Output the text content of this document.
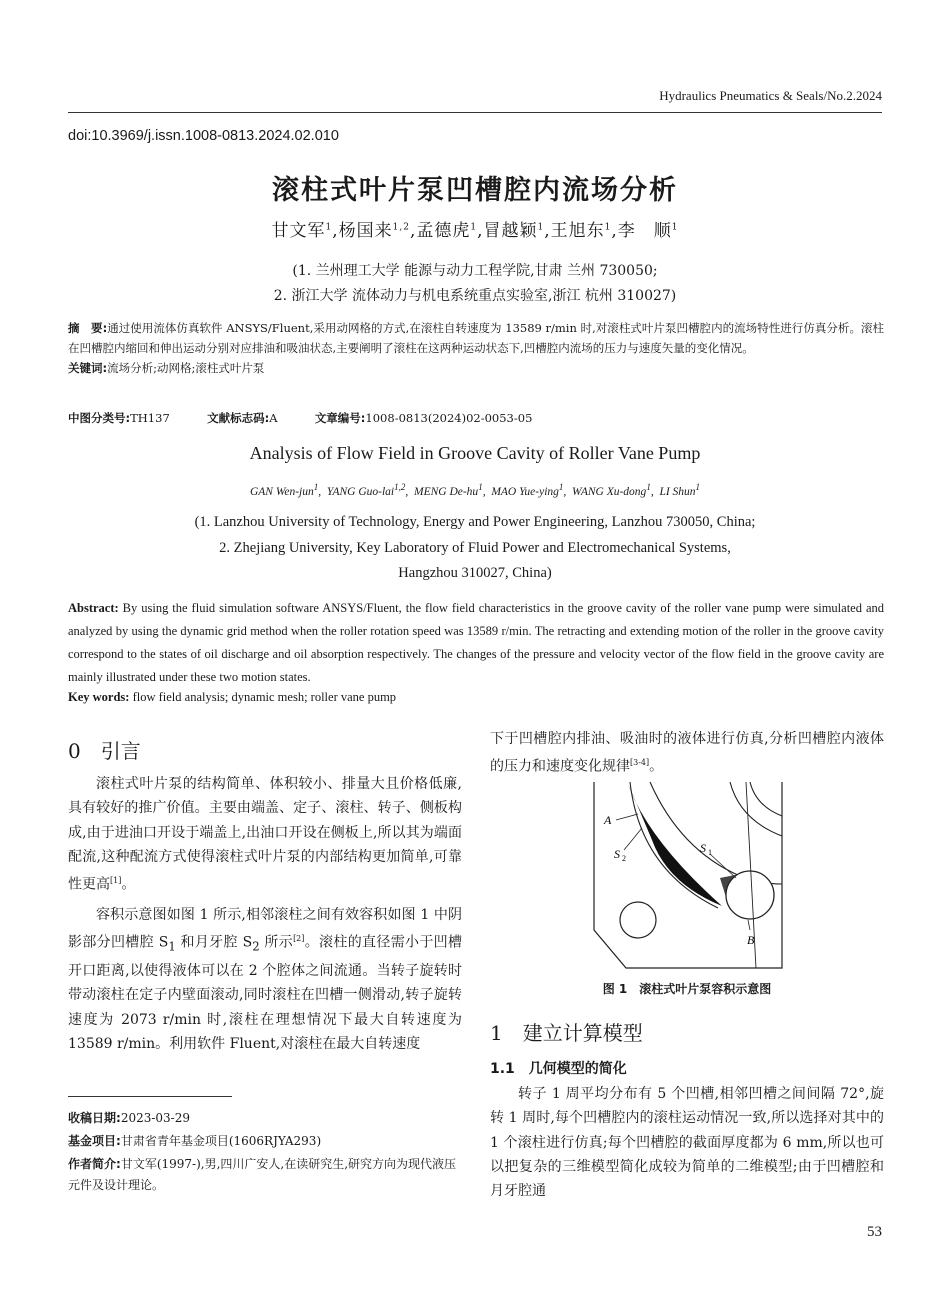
Hydraulics Pneumatics & Seals/No.2.2024
doi:10.3969/j.issn.1008-0813.2024.02.010
滚柱式叶片泵凹槽腔内流场分析
甘文军$^1$,杨国来$^{1,2}$,孟德虎$^1$,冒越颖$^1$,王旭东$^1$,李　顺$^1$
(1. 兰州理工大学 能源与动力工程学院,甘肃 兰州 730050;
2. 浙江大学 流体动力与机电系统重点实验室,浙江 杭州 310027)
摘　要:通过使用流体仿真软件 ANSYS/Fluent,采用动网格的方式,在滚柱自转速度为 13589 r/min 时,对滚柱式叶片泵凹槽腔内的流场特性进行仿真分析。滚柱在凹槽腔内缩回和伸出运动分别对应排油和吸油状态,主要阐明了滚柱在这两种运动状态下,凹槽腔内流场的压力与速度矢量的变化情况。
关键词:流场分析;动网格;滚柱式叶片泵
中图分类号:TH137	文献标志码:A	文章编号:1008-0813(2024)02-0053-05
Analysis of Flow Field in Groove Cavity of Roller Vane Pump
GAN Wen-jun$^1$,  YANG Guo-lai$^{1,2}$,  MENG $De-hu^1$,  MAO Yue-ying$^1$,  WANG Xu-dong$^1$,  LI Shun$^1$
(1. Lanzhou University of Technology, Energy and Power Engineering, Lanzhou 730050, China;
2. Zhejiang University, Key Laboratory of Fluid Power and Electromechanical Systems,
Hangzhou 310027, China)
Abstract: By using the fluid simulation software ANSYS/Fluent, the flow field characteristics in the groove cavity of the roller vane pump were simulated and analyzed by using the dynamic grid method when the roller rotation speed was 13589 r/min. The retracting and extending motion of the roller in the groove cavity correspond to the states of oil discharge and oil absorption respectively. The changes of the pressure and velocity vector of the flow field in the groove cavity are mainly illustrated under these two motion states.
Key words: flow field analysis; dynamic mesh; roller vane pump
0　引言
滚柱式叶片泵的结构简单、体积较小、排量大且价格低廉,具有较好的推广价值。主要由端盖、定子、滚柱、转子、侧板构成,由于进油口开设于端盖上,出油口开设在侧板上,所以其为端面配流,这种配流方式使得滚柱式叶片泵的内部结构更加简单,可靠性更高[1]。
容积示意图如图 1 所示,相邻滚柱之间有效容积如图 1 中阴影部分凹槽腔 $S_1$ 和月牙腔 $S_2$ 所示[2]。滚柱的直径需小于凹槽开口距离,以使得液体可以在 2 个腔体之间流通。当转子旋转时带动滚柱在定子内壁面滚动,同时滚柱在凹槽一侧滑动,转子旋转速度为 2073 r/min 时,滚柱在理想情况下最大自转速度为 13589 r/min。利用软件 Fluent,对滚柱在最大自转速度
收稿日期:2023-03-29
基金项目:甘肃省青年基金项目(1606RJYA293)
作者简介:甘文军(1997-),男,四川广安人,在读研究生,研究方向为现代液压元件及设计理论。
下于凹槽腔内排油、吸油时的液体进行仿真,分析凹槽腔内液体的压力和速度变化规律[3-4]。
A
S 2
S 1
B
图 1　滚柱式叶片泵容积示意图
1　建立计算模型
1.1　几何模型的简化
转子 1 周平均分布有 5 个凹槽,相邻凹槽之间间隔 72°,旋转 1 周时,每个凹槽腔内的滚柱运动情况一致,所以选择对其中的 1 个滚柱进行仿真;每个凹槽腔的截面厚度都为 6 mm,所以也可以把复杂的三维模型简化成较为简单的二维模型;由于凹槽腔和月牙腔通
53
